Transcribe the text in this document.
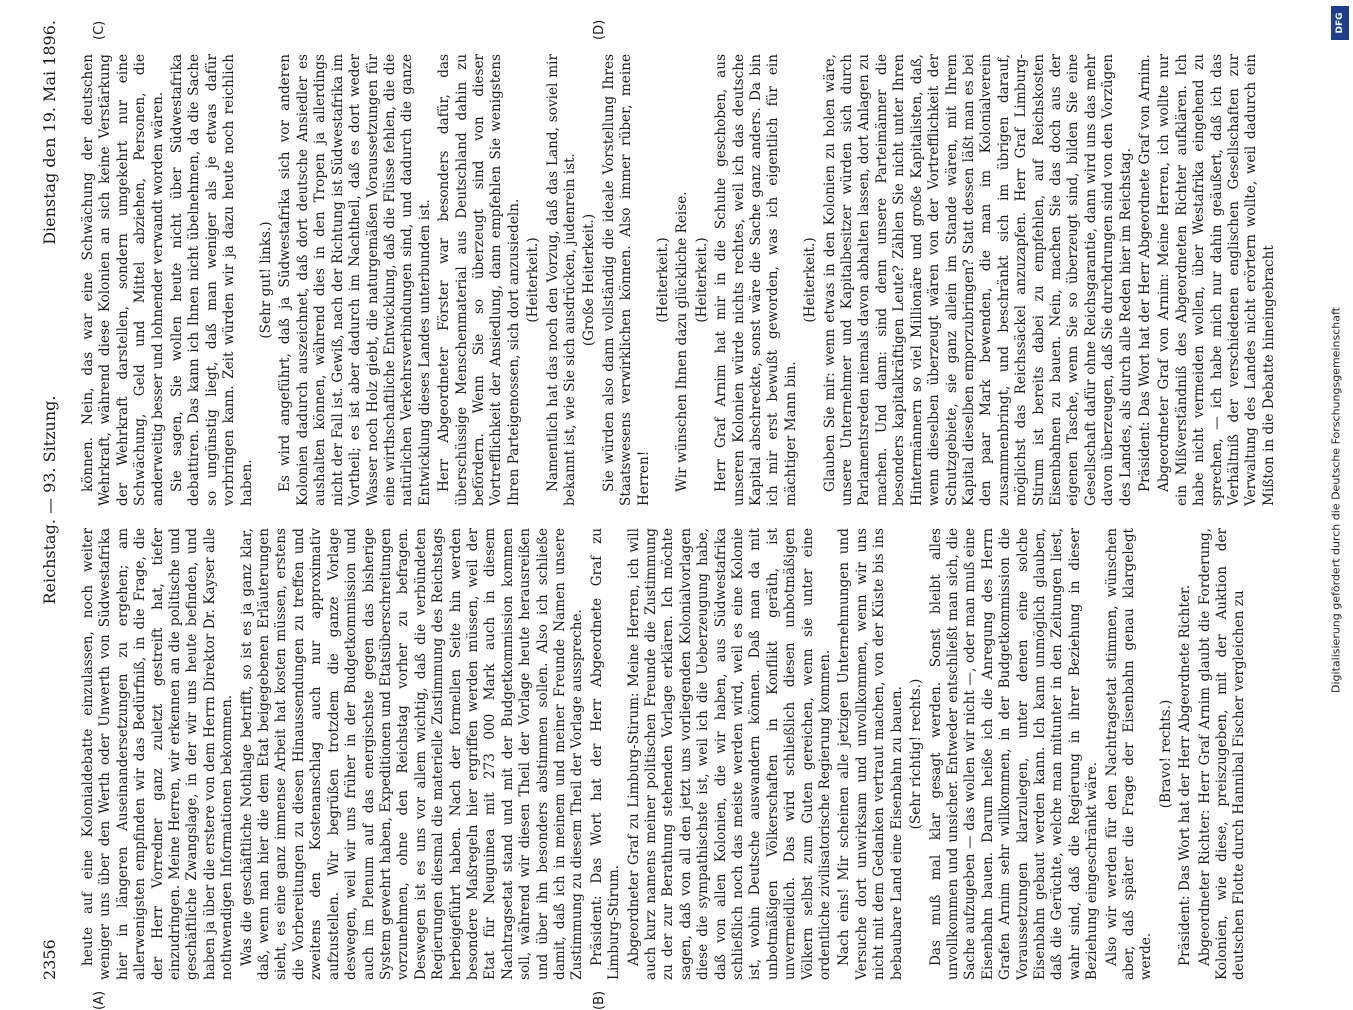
2356
Reichstag. — 93. Sitzung.
Dienstag den 19. Mai 1896.
(A)	(B)
(C)	(D)

heute auf eine Kolonialdebatte einzulassen, noch weiter weniger uns über den Werth oder Unwerth von Südwestafrika hier in längeren Auseinandersetzungen zu ergehen; am allerwenigsten empfinden wir das Bedürfniß, in die Frage, die der Herr Vorredner ganz zuletzt gestreift hat, tiefer einzudringen. Meine Herren, wir erkennen an die politische und geschäftliche Zwangslage, in der wir uns heute befinden, und haben ja über die erstere von dem Herrn Direktor Dr. Kayser alle nothwendigen Informationen bekommen. Was die geschäftliche Nothlage betrifft, so ist es ja ganz klar, daß, wenn man hier die dem Etat beigegebenen Erläuterungen sieht, es eine ganz immense Arbeit hat kosten müssen, erstens die Vorbereitungen zu diesen Hinaussendungen zu treffen und zweitens den Kostenanschlag auch nur approximativ aufzustellen. Wir begrüßen trotzdem die ganze Vorlage deswegen, weil wir uns früher in der Budgetkommission und auch im Plenum auf das energischste gegen das bisherige System gewehrt haben, Expeditionen und Etatsüberschreitungen vorzunehmen, ohne den Reichstag vorher zu befragen. Deswegen ist es uns vor allem wichtig, daß die verbündeten Regierungen diesmal die materielle Zustimmung des Reichstags herbeigeführt haben. Nach der formellen Seite hin werden besondere Maßregeln hier ergriffen werden müssen, weil der Etat für Neuguinea mit 273 000 Mark auch in diesem Nachtragsetat stand und mit der Budgetkommission kommen soll, während wir diesen Theil der Vorlage heute herausreißen und über ihn besonders abstimmen sollen. Also ich schließe damit, daß ich in meinem und meiner Freunde Namen unsere Zustimmung zu diesem Theil der Vorlage ausspreche. Präsident: Das Wort hat der Herr Abgeordnete Graf zu Limburg-Stirum. Abgeordneter Graf zu Limburg-Stirum: Meine Herren, ich will auch kurz namens meiner politischen Freunde die Zustimmung zu der zur Berathung stehenden Vorlage erklären. Ich möchte sagen, daß von all den jetzt uns vorliegenden Kolonialvorlagen diese die sympathischste ist, weil ich die Ueberzeugung habe, daß von allen Kolonien, die wir haben, aus Südwestafrika schließlich noch das meiste werden wird, weil es eine Kolonie ist, wohin Deutsche auswandern können. Daß man da mit unbotmäßigen Völkerschaften in Konflikt geräth, ist unvermeidlich. Das wird schließlich diesen unbotmäßigen Völkern selbst zum Guten gereichen, wenn sie unter eine ordentliche zivilisatorische Regierung kommen. Nach eins! Mir scheinen alle jetzigen Unternehmungen und Versuche dort unwirksam und unvollkommen, wenn wir uns nicht mit dem Gedanken vertraut machen, von der Küste bis ins bebaubare Land eine Eisenbahn zu bauen. (Sehr richtig! rechts.) Das muß mal klar gesagt werden. Sonst bleibt alles unvollkommen und unsicher. Entweder entschließt man sich, die Sache aufzugeben — das wollen wir nicht —, oder man muß eine Eisenbahn bauen. Darum heiße ich die Anregung des Herrn Grafen Arnim sehr willkommen, in der Budgetkommission die Voraussetzungen klarzulegen, unter denen eine solche Eisenbahn gebaut werden kann. Ich kann unmöglich glauben, daß die Gerüchte, welche man mitunter in den Zeitungen liest, wahr sind, daß die Regierung in ihrer Beziehung in dieser Beziehung eingeschränkt wäre. Also wir werden für den Nachtragsetat stimmen, wünschen aber, daß später die Frage der Eisenbahn genau klargelegt werde.

(Bravo! rechts.) Präsident: Das Wort hat der Herr Abgeordnete Richter. Abgeordneter Richter: Herr Graf Arnim glaubt die Forderung, Kolonien, wie diese, preiszugeben, mit der Auktion der deutschen Flotte durch Hannibal Fischer vergleichen zu

können. Nein, das war eine Schwächung der deutschen Wehrkraft, während diese Kolonien an sich keine Verstärkung der Wehrkraft darstellen, sondern umgekehrt nur eine Schwächung, Geld und Mittel abziehen, Personen, die anderweitig besser und lohnender verwandt worden wären. Sie sagen, Sie wollen heute nicht über Südwestafrika debattiren. Das kann ich Ihnen nicht übelnehmen, da die Sache so ungünstig liegt, daß man weniger als je etwas dafür vorbringen kann. Zeit würden wir ja dazu heute noch reichlich haben.

(Sehr gut! links.) Es wird angeführt, daß ja Südwestafrika sich vor anderen Kolonien dadurch auszeichnet, daß dort deutsche Ansiedler es aushalten können, während dies in den Tropen ja allerdings nicht der Fall ist. Gewiß, nach der Richtung ist Südwestafrika im Vortheil; es ist aber dadurch im Nachtheil, daß es dort weder Wasser noch Holz giebt, die naturgemäßen Voraussetzungen für eine wirthschaftliche Entwicklung, daß die Flüsse fehlen, die die natürlichen Verkehrsverbindungen sind, und dadurch die ganze Entwicklung dieses Landes unterbunden ist. Herr Abgeordneter Förster war besonders dafür, das überschüssige Menschenmaterial aus Deutschland dahin zu befördern. Wenn Sie so überzeugt sind von dieser Vortrefflichkeit der Ansiedlung, dann empfehlen Sie wenigstens Ihren Parteigenossen, sich dort anzusiedeln. (Heiterkeit.) Namentlich hat das noch den Vorzug, daß das Land, soviel mir bekannt ist, wie Sie sich ausdrücken, judenrein ist. (Große Heiterkeit.) Sie würden also dann vollständig die ideale Vorstellung Ihres Staatswesens verwirklichen können. Also immer rüber, meine Herren!

(Heiterkeit.) Wir wünschen Ihnen dazu glückliche Reise. (Heiterkeit.) Herr Graf Arnim hat mir in die Schuhe geschoben, aus unseren Kolonien würde nichts rechtes, weil ich das deutsche Kapital abschreckte, sonst wäre die Sache ganz anders. Da bin ich mir erst bewußt geworden, was ich eigentlich für ein mächtiger Mann bin.

(Heiterkeit.) Glauben Sie mir: wenn etwas in den Kolonien zu holen wäre, unsere Unternehmer und Kapitalbesitzer würden sich durch Parlamentsreden niemals davon abhalten lassen, dort Anlagen zu machen. Und dann: sind denn unsere Parteimänner die besonders kapitalkräftigen Leute? Zählen Sie nicht unter Ihren Hintermännern so viel Millionäre und große Kapitalisten, daß, wenn dieselben überzeugt wären von der Vortrefflichkeit der Schutzgebiete, sie ganz allein im Stande wären, mit Ihrem Kapital dieselben emporzubringen? Statt dessen läßt man es bei den paar Mark bewenden, die man im Kolonialverein zusammenbringt, und beschränkt sich im übrigen darauf, möglichst das Reichssäckel anzuzapfen. Herr Graf Limburg-Stirum ist bereits dabei zu empfehlen, auf Reichskosten Eisenbahnen zu bauen. Nein, machen Sie das doch aus der eigenen Tasche, wenn Sie so überzeugt sind, bilden Sie eine Gesellschaft dafür ohne Reichsgarantie, dann wird uns das mehr davon überzeugen, daß Sie durchdrungen sind von den Vorzügen des Landes, als durch alle Reden hier im Reichstag. Präsident: Das Wort hat der Herr Abgeordnete Graf von Arnim. Abgeordneter Graf von Arnim: Meine Herren, ich wollte nur ein Mißverständniß des Abgeordneten Richter aufklären. Ich habe nicht vermeiden wollen, über Westafrika eingehend zu sprechen, — ich habe mich nur dahin geäußert, daß ich das Verhältniß der verschiedenen englischen Gesellschaften zur Verwaltung des Landes nicht erörtern wollte, weil dadurch ein Mißton in die Debatte hineingebracht	Digitalisierung gefördert durch die Deutsche Forschungsgemeinschaft
DFG
